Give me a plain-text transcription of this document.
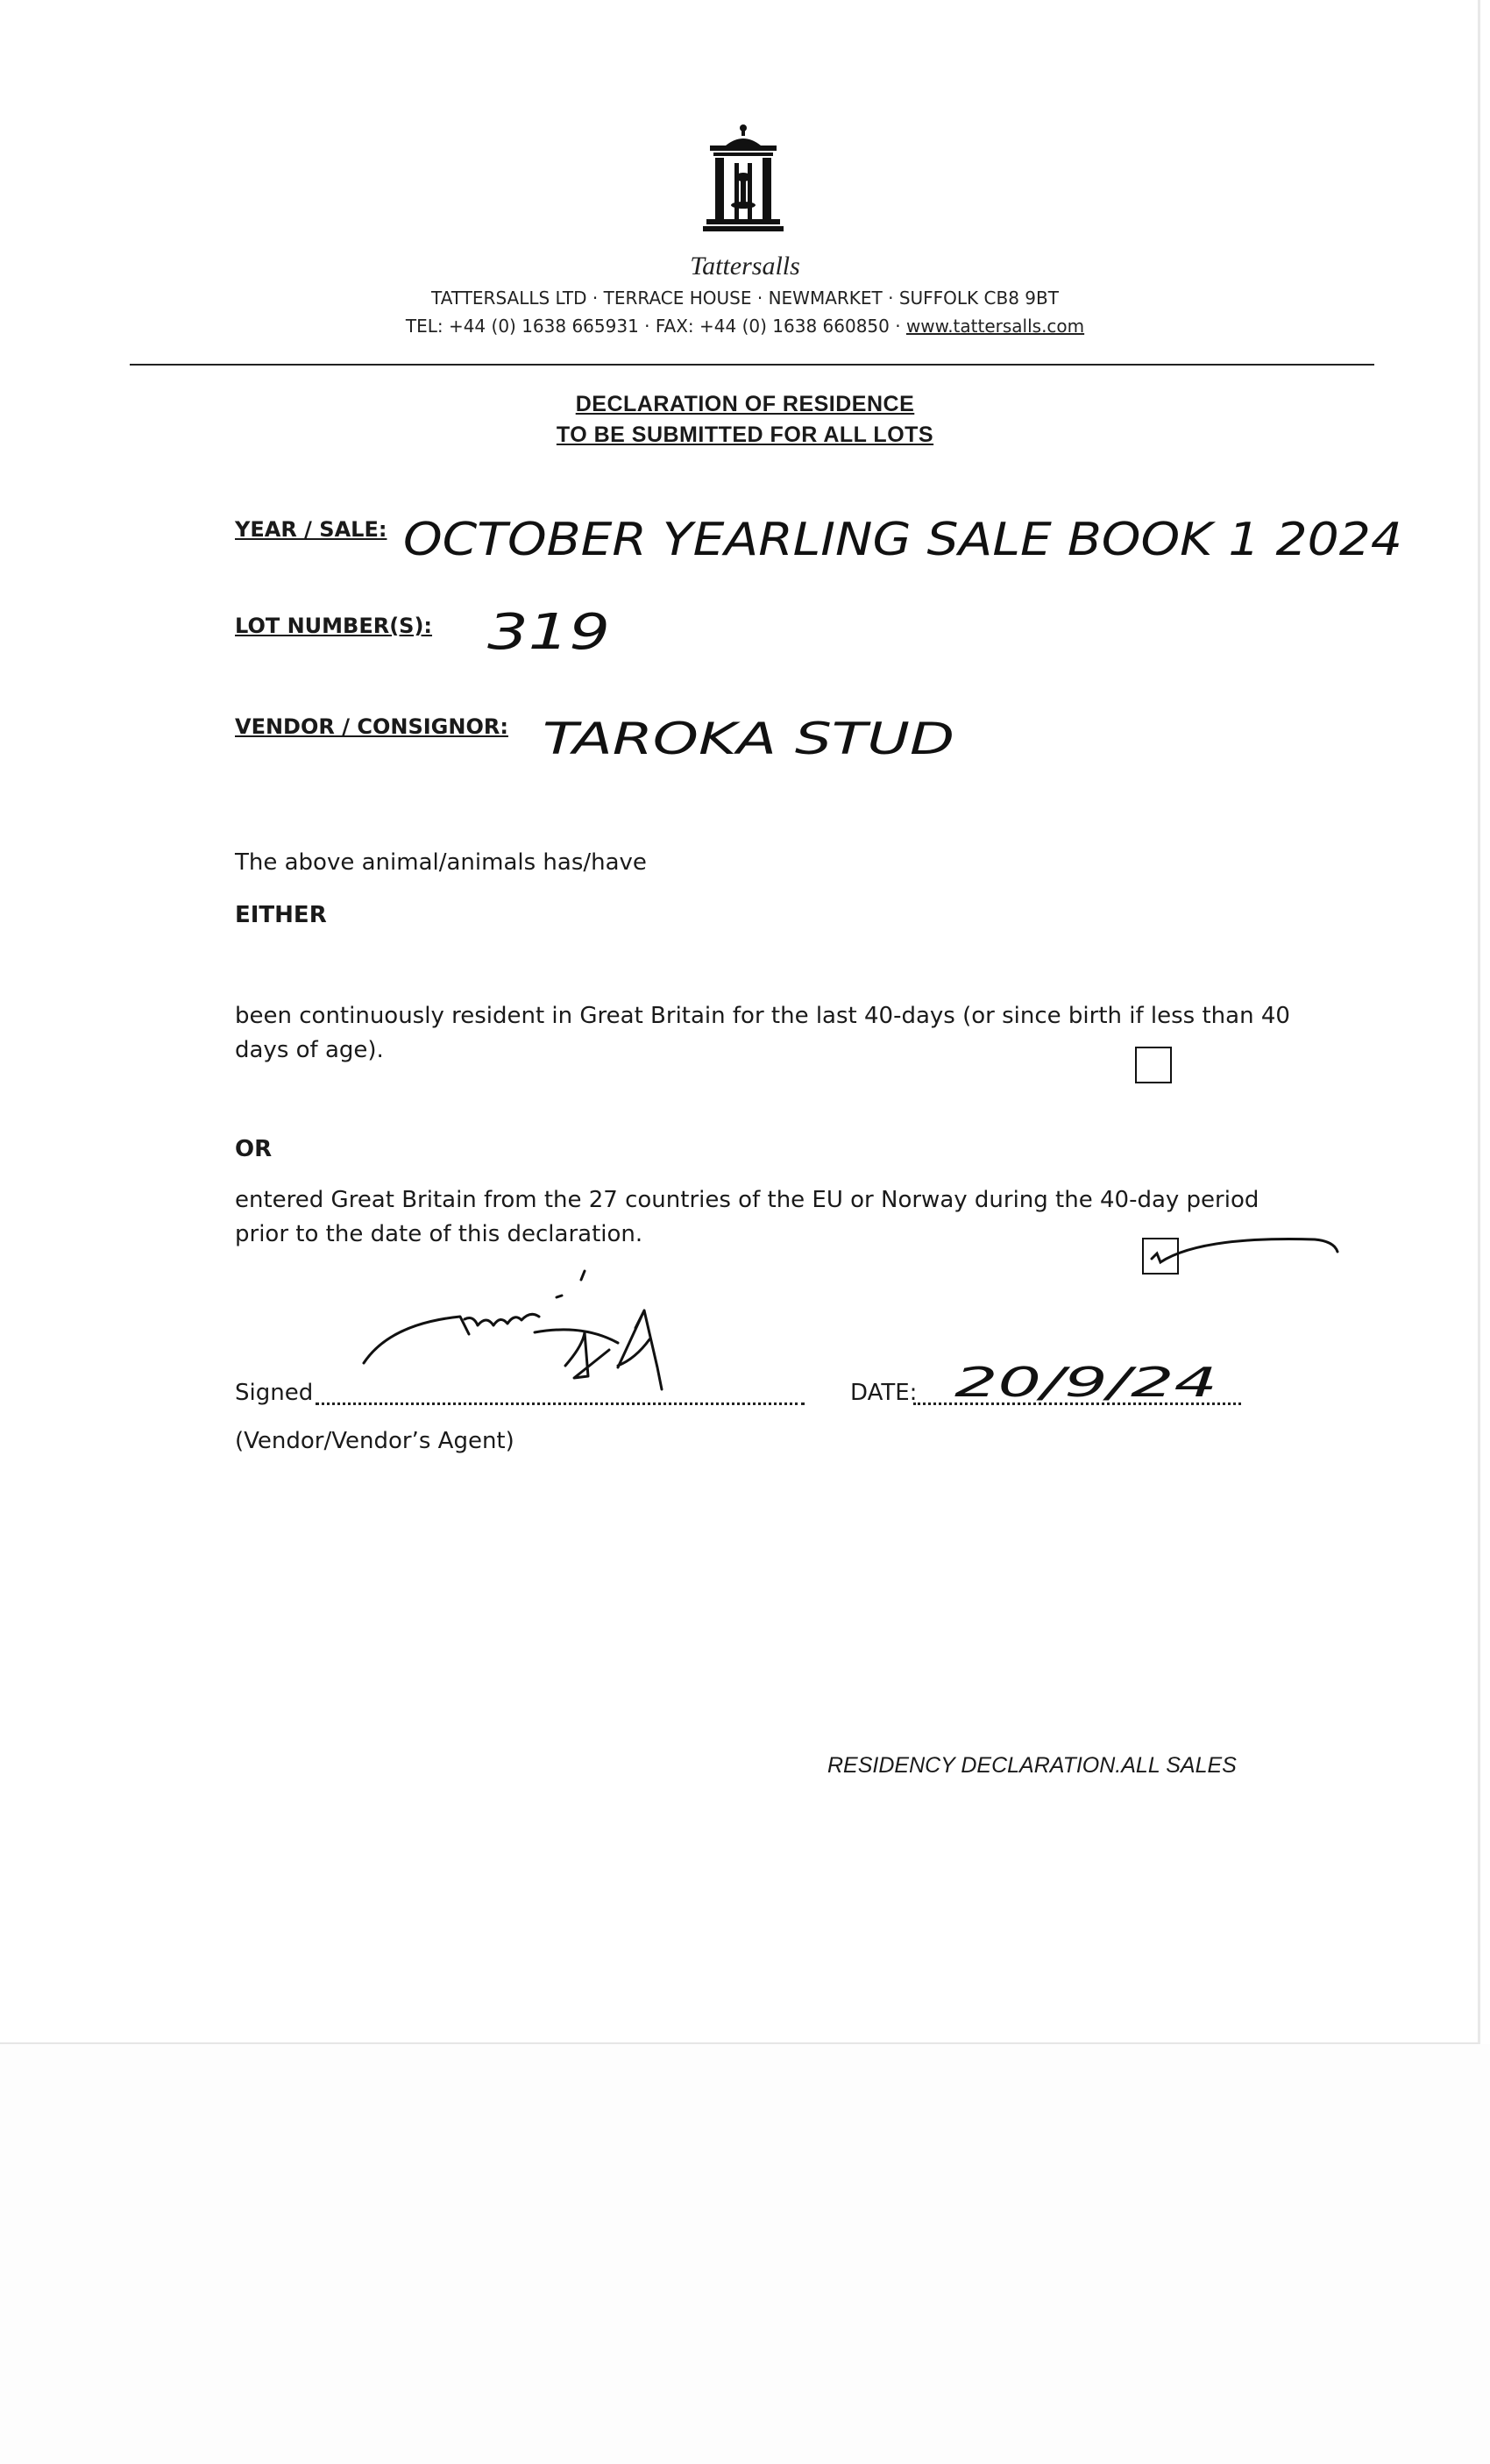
Tattersalls
TATTERSALLS LTD · TERRACE HOUSE · NEWMARKET · SUFFOLK CB8 9BT
TEL: +44 (0) 1638 665931 · FAX: +44 (0) 1638 660850 · www.tattersalls.com
DECLARATION OF RESIDENCE
TO BE SUBMITTED FOR ALL LOTS
YEAR / SALE: OCTOBER YEARLING SALE BOOK 1 2024
LOT NUMBER(S): 319
VENDOR / CONSIGNOR: TAROKA STUD
The above animal/animals has/have
EITHER
been continuously resident in Great Britain for the last 40-days (or since birth if less than 40
days of age).
OR
entered Great Britain from the 27 countries of the EU or Norway during the 40-day period
prior to the date of this declaration.
Signed	DATE: 20/9/24
(Vendor/Vendor’s Agent)
RESIDENCY DECLARATION.ALL SALES
